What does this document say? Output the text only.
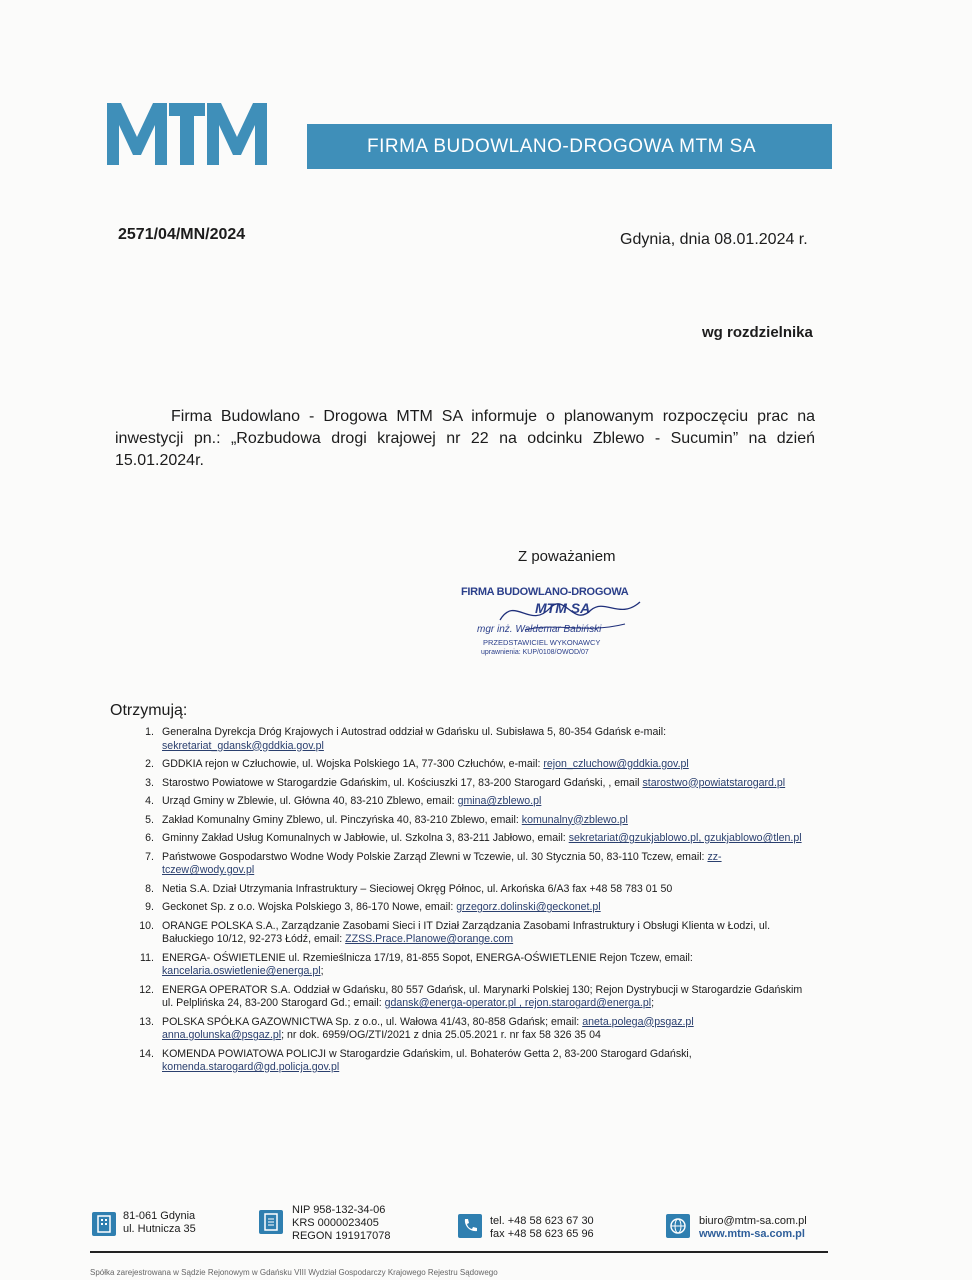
FIRMA BUDOWLANO-DROGOWA MTM SA
2571/04/MN/2024	Gdynia, dnia 08.01.2024 r.
wg rozdzielnika
Firma Budowlano - Drogowa MTM SA informuje o planowanym rozpoczęciu prac na inwestycji pn.: „Rozbudowa drogi krajowej nr 22 na odcinku Zblewo - Sucumin” na dzień 15.01.2024r.
Z poważaniem
FIRMA BUDOWLANO-DROGOWA
MTM SA
mgr inż. Waldemar Babiński
PRZEDSTAWICIEL WYKONAWCY
uprawnienia: KUP/0108/OWOD/07
Otrzymują:
1. Generalna Dyrekcja Dróg Krajowych i Autostrad oddział w Gdańsku ul. Subisława 5, 80-354 Gdańsk e-mail: sekretariat_gdansk@gddkia.gov.pl
2. GDDKIA rejon w Człuchowie, ul. Wojska Polskiego 1A, 77-300 Człuchów, e-mail: rejon_czluchow@gddkia.gov.pl
3. Starostwo Powiatowe w Starogardzie Gdańskim, ul. Kościuszki 17, 83-200 Starogard Gdański, , email starostwo@powiatstarogard.pl
4. Urząd Gminy w Zblewie, ul. Główna 40, 83-210 Zblewo, email: gmina@zblewo.pl
5. Zakład Komunalny Gminy Zblewo, ul. Pinczyńska 40, 83-210 Zblewo, email: komunalny@zblewo.pl
6. Gminny Zakład Usług Komunalnych w Jabłowie, ul. Szkolna 3, 83-211 Jabłowo, email: sekretariat@gzukjablowo.pl, gzukjablowo@tlen.pl
7. Państwowe Gospodarstwo Wodne Wody Polskie Zarząd Zlewni w Tczewie, ul. 30 Stycznia 50, 83-110 Tczew, email: zz-tczew@wody.gov.pl
8. Netia S.A. Dział Utrzymania Infrastruktury – Sieciowej Okręg Północ, ul. Arkońska 6/A3 fax +48 58 783 01 50
9. Geckonet Sp. z o.o. Wojska Polskiego 3, 86-170 Nowe, email: grzegorz.dolinski@geckonet.pl
10. ORANGE POLSKA S.A., Zarządzanie Zasobami Sieci i IT Dział Zarządzania Zasobami Infrastruktury i Obsługi Klienta w Łodzi, ul. Bałuckiego 10/12, 92-273 Łódź, email: ZZSS.Prace.Planowe@orange.com
11. ENERGA- OŚWIETLENIE ul. Rzemieślnicza 17/19, 81-855 Sopot, ENERGA-OŚWIETLENIE Rejon Tczew, email: kancelaria.oswietlenie@energa.pl;
12. ENERGA OPERATOR S.A. Oddział w Gdańsku, 80 557 Gdańsk, ul. Marynarki Polskiej 130; Rejon Dystrybucji w Starogardzie Gdańskim ul. Pelplińska 24, 83-200 Starogard Gd.; email: gdansk@energa-operator.pl , rejon.starogard@energa.pl;
13. POLSKA SPÓŁKA GAZOWNICTWA Sp. z o.o., ul. Wałowa 41/43, 80-858 Gdańsk; email: aneta.polega@psgaz.pl anna.golunska@psgaz.pl; nr dok. 6959/OG/ZTI/2021 z dnia 25.05.2021 r. nr fax 58 326 35 04
14. KOMENDA POWIATOWA POLICJI w Starogardzie Gdańskim, ul. Bohaterów Getta 2, 83-200 Starogard Gdański, komenda.starogard@gd.policja.gov.pl
81-061 Gdynia
ul. Hutnicza 35
NIP 958-132-34-06
KRS 0000023405
REGON 191917078
tel. +48 58 623 67 30
fax +48 58 623 65 96
biuro@mtm-sa.com.pl
www.mtm-sa.com.pl
Spółka zarejestrowana w Sądzie Rejonowym w Gdańsku VIII Wydział Gospodarczy Krajowego Rejestru Sądowego
